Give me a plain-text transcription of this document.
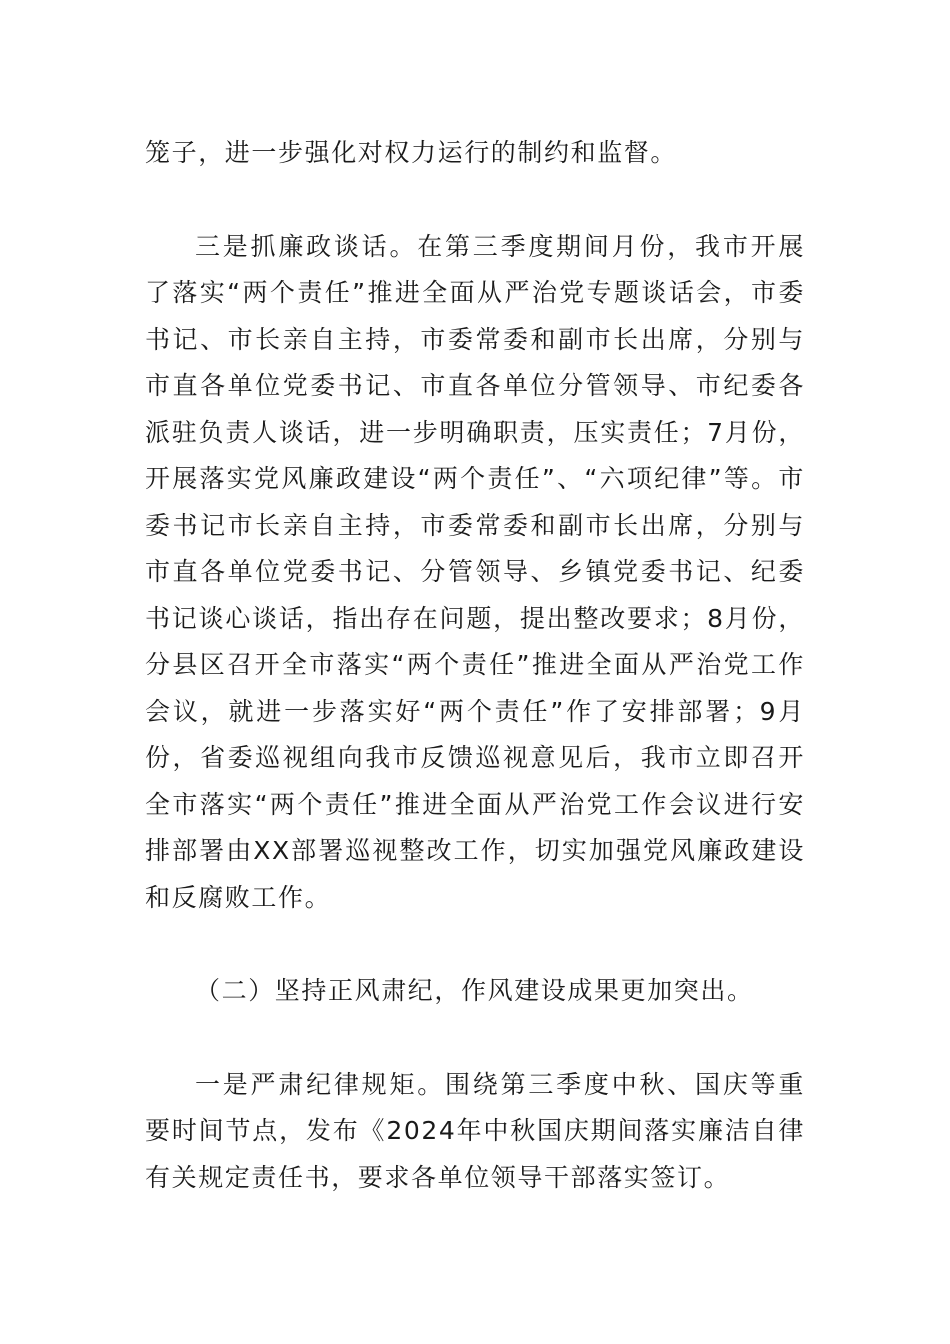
笼子，进一步强化对权力运行的制约和监督。

三是抓廉政谈话。在第三季度期间月份，我市开展了落实“两个责任”推进全面从严治党专题谈话会，市委书记、市长亲自主持，市委常委和副市长出席，分别与市直各单位党委书记、市直各单位分管领导、市纪委各派驻负责人谈话，进一步明确职责，压实责任；7月份，开展落实党风廉政建设“两个责任”、“六项纪律”等。市委书记市长亲自主持，市委常委和副市长出席，分别与市直各单位党委书记、分管领导、乡镇党委书记、纪委书记谈心谈话，指出存在问题，提出整改要求；8月份，分县区召开全市落实“两个责任”推进全面从严治党工作会议，就进一步落实好“两个责任”作了安排部署；9月份，省委巡视组向我市反馈巡视意见后，我市立即召开全市落实“两个责任”推进全面从严治党工作会议进行安排部署由XX部署巡视整改工作，切实加强党风廉政建设和反腐败工作。

（二）坚持正风肃纪，作风建设成果更加突出。

一是严肃纪律规矩。围绕第三季度中秋、国庆等重要时间节点，发布《2024年中秋国庆期间落实廉洁自律有关规定责任书，要求各单位领导干部落实签订。
